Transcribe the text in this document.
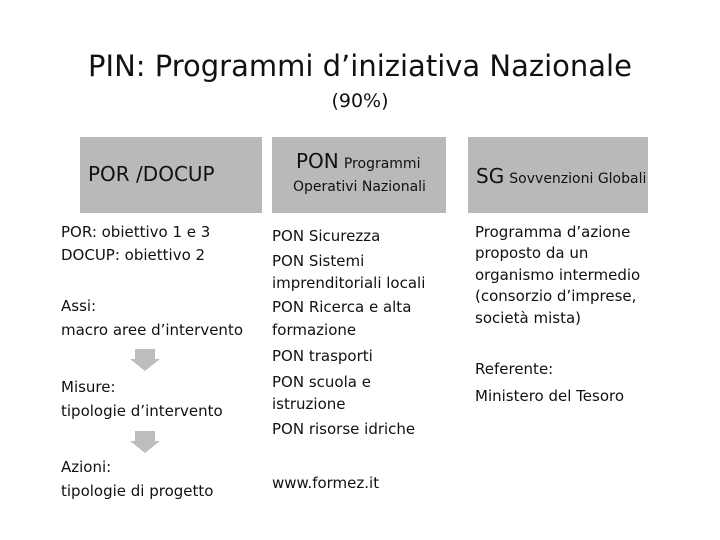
PIN: Programmi d’iniziativa Nazionale
(90%)
POR /DOCUP
PON Programmi
Operativi Nazionali	SG Sovvenzioni Globali
POR: obiettivo 1 e 3
DOCUP: obiettivo 2
Assi:
macro aree d’intervento
Misure:
tipologie d’intervento
Azioni:
tipologie di progetto
PON Sicurezza
PON Sistemi
imprenditoriali locali
PON Ricerca e alta
formazione
PON trasporti
PON scuola e
istruzione
PON risorse idriche
www.formez.it
Programma d’azione
proposto da un
organismo intermedio
(consorzio d’imprese,
società mista)
Referente:
Ministero del Tesoro
